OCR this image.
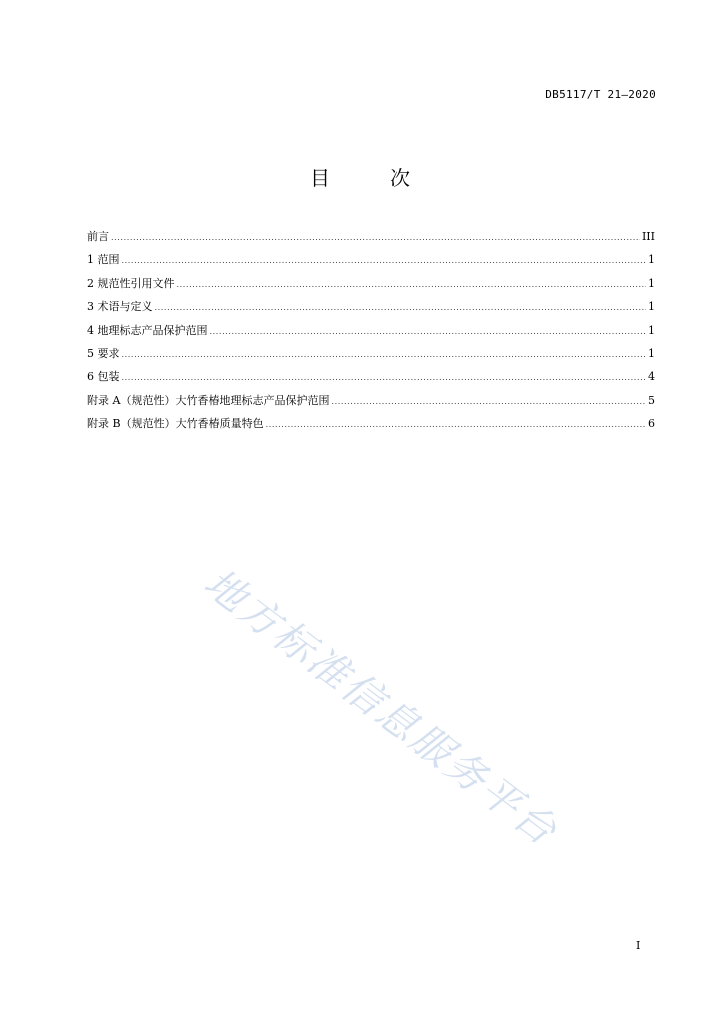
DB5117/T 21—2020
目　次
前言 .....	III
1 范围 .....	1
2 规范性引用文件 .....	1
3 术语与定义 .....	1
4 地理标志产品保护范围 .....	1
5 要求 .....	1
6 包装 .....	4
附录 A（规范性）大竹香椿地理标志产品保护范围 .....	5
附录 B（规范性）大竹香椿质量特色 .....	6
地方标准信息服务平台
I
